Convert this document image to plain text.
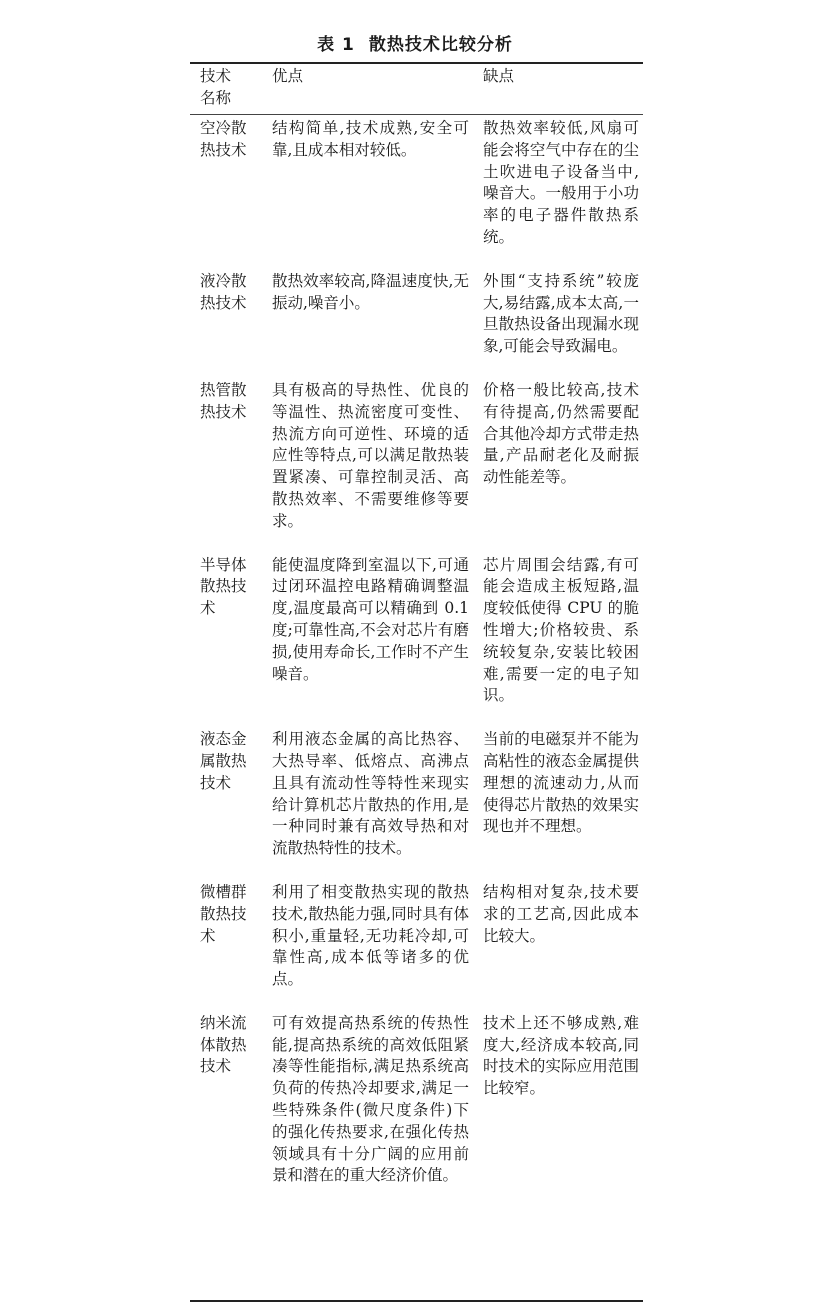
表 1 散热技术比较分析
技术
名称
优点	缺点
空冷散热技术
结构简单,技术成熟,安全可靠,且成本相对较低。
散热效率较低,风扇可能会将空气中存在的尘土吹进电子设备当中,噪音大。一般用于小功率的电子器件散热系统。
液冷散热技术
散热效率较高,降温速度快,无振动,噪音小。
外围“支持系统”较庞大,易结露,成本太高,一旦散热设备出现漏水现象,可能会导致漏电。
热管散热技术
具有极高的导热性、优良的等温性、热流密度可变性、热流方向可逆性、环境的适应性等特点,可以满足散热装置紧凑、可靠控制灵活、高散热效率、不需要维修等要求。
价格一般比较高,技术有待提高,仍然需要配合其他冷却方式带走热量,产品耐老化及耐振动性能差等。
半导体散热技术
能使温度降到室温以下,可通过闭环温控电路精确调整温度,温度最高可以精确到 0.1 度;可靠性高,不会对芯片有磨损,使用寿命长,工作时不产生噪音。
芯片周围会结露,有可能会造成主板短路,温度较低使得 CPU 的脆性增大;价格较贵、系统较复杂,安装比较困难,需要一定的电子知识。
液态金属散热技术
利用液态金属的高比热容、大热导率、低熔点、高沸点且具有流动性等特性来现实给计算机芯片散热的作用,是一种同时兼有高效导热和对流散热特性的技术。
当前的电磁泵并不能为高粘性的液态金属提供理想的流速动力,从而使得芯片散热的效果实现也并不理想。
微槽群散热技术
利用了相变散热实现的散热技术,散热能力强,同时具有体积小,重量轻,无功耗冷却,可靠性高,成本低等诸多的优点。
结构相对复杂,技术要求的工艺高,因此成本比较大。
纳米流体散热技术
可有效提高热系统的传热性能,提高热系统的高效低阻紧凑等性能指标,满足热系统高负荷的传热冷却要求,满足一些特殊条件(微尺度条件)下的强化传热要求,在强化传热领域具有十分广阔的应用前景和潜在的重大经济价值。
技术上还不够成熟,难度大,经济成本较高,同时技术的实际应用范围比较窄。
